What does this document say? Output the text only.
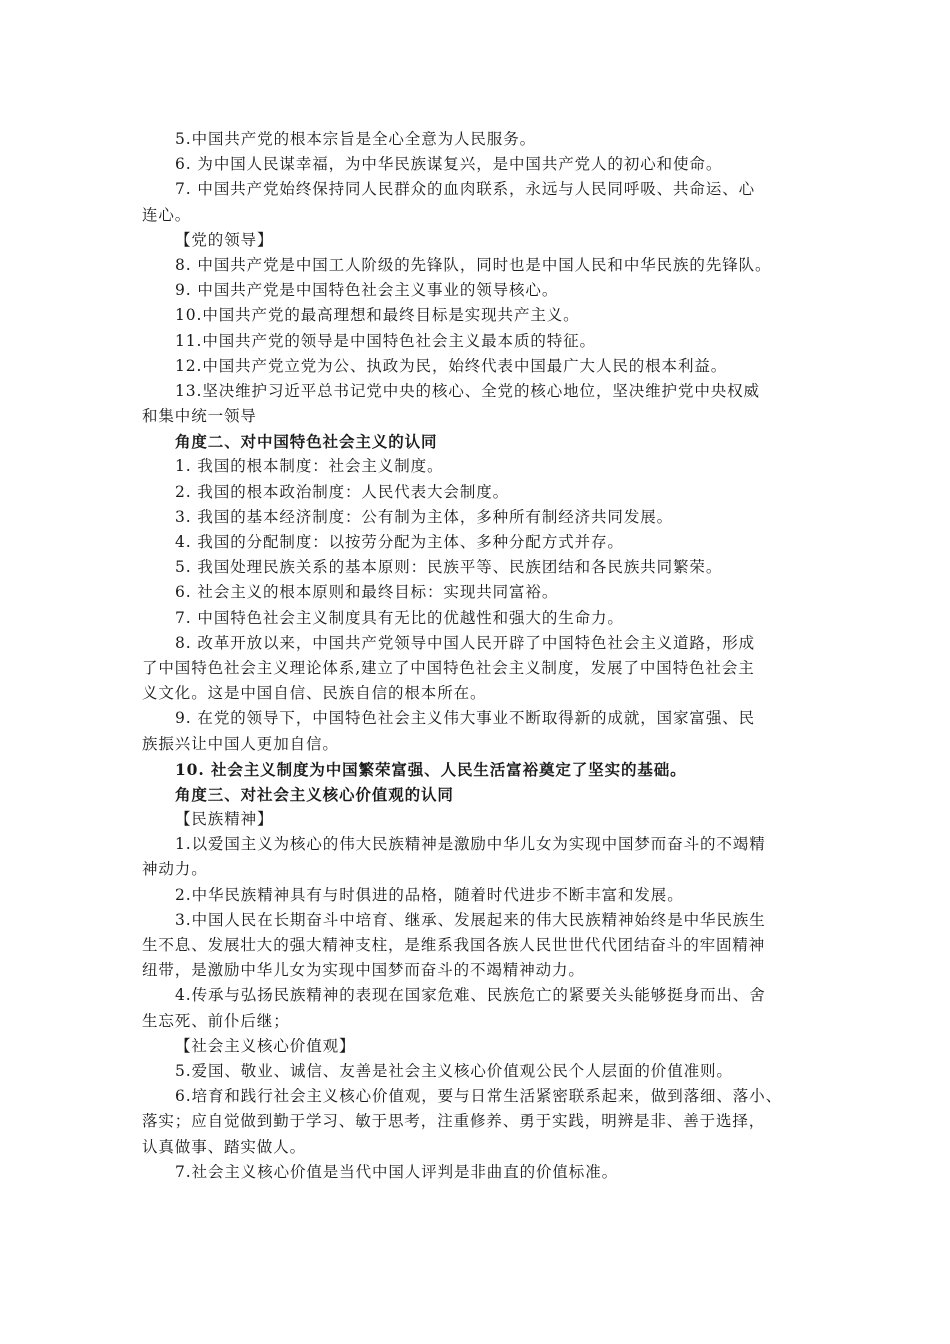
5.中国共产党的根本宗旨是全心全意为人民服务。
6. 为中国人民谋幸福，为中华民族谋复兴，是中国共产党人的初心和使命。
7. 中国共产党始终保持同人民群众的血肉联系，永远与人民同呼吸、共命运、心
连心。
【党的领导】
8. 中国共产党是中国工人阶级的先锋队，同时也是中国人民和中华民族的先锋队。
9. 中国共产党是中国特色社会主义事业的领导核心。
10.中国共产党的最高理想和最终目标是实现共产主义。
11.中国共产党的领导是中国特色社会主义最本质的特征。
12.中国共产党立党为公、执政为民，始终代表中国最广大人民的根本利益。
13.坚决维护习近平总书记党中央的核心、全党的核心地位，坚决维护党中央权威
和集中统一领导
角度二、对中国特色社会主义的认同
1. 我国的根本制度：社会主义制度。
2. 我国的根本政治制度：人民代表大会制度。
3. 我国的基本经济制度：公有制为主体，多种所有制经济共同发展。
4. 我国的分配制度：以按劳分配为主体、多种分配方式并存。
5. 我国处理民族关系的基本原则：民族平等、民族团结和各民族共同繁荣。
6. 社会主义的根本原则和最终目标：实现共同富裕。
7. 中国特色社会主义制度具有无比的优越性和强大的生命力。
8. 改革开放以来，中国共产党领导中国人民开辟了中国特色社会主义道路，形成
了中国特色社会主义理论体系,建立了中国特色社会主义制度，发展了中国特色社会主
义文化。这是中国自信、民族自信的根本所在。
9. 在党的领导下，中国特色社会主义伟大事业不断取得新的成就，国家富强、民
族振兴让中国人更加自信。
10. 社会主义制度为中国繁荣富强、人民生活富裕奠定了坚实的基础。
角度三、对社会主义核心价值观的认同
【民族精神】
1.以爱国主义为核心的伟大民族精神是激励中华儿女为实现中国梦而奋斗的不竭精
神动力。
2.中华民族精神具有与时俱进的品格，随着时代进步不断丰富和发展。
3.中国人民在长期奋斗中培育、继承、发展起来的伟大民族精神始终是中华民族生
生不息、发展壮大的强大精神支柱，是维系我国各族人民世世代代团结奋斗的牢固精神
纽带，是激励中华儿女为实现中国梦而奋斗的不竭精神动力。
4.传承与弘扬民族精神的表现在国家危难、民族危亡的紧要关头能够挺身而出、舍
生忘死、前仆后继；
【社会主义核心价值观】
5.爱国、敬业、诚信、友善是社会主义核心价值观公民个人层面的价值准则。
6.培育和践行社会主义核心价值观，要与日常生活紧密联系起来，做到落细、落小、
落实；应自觉做到勤于学习、敏于思考，注重修养、勇于实践，明辨是非、善于选择，
认真做事、踏实做人。
7.社会主义核心价值是当代中国人评判是非曲直的价值标准。
